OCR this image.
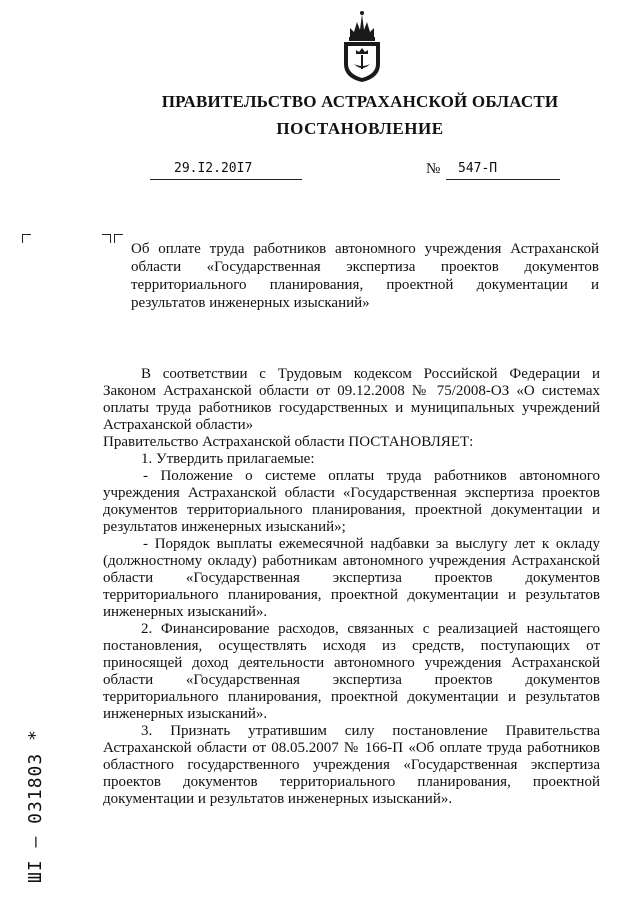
ПРАВИТЕЛЬСТВО АСТРАХАНСКОЙ ОБЛАСТИ
ПОСТАНОВЛЕНИЕ
29.I2.20I7	№	547-П
Об оплате труда работников автономного учреждения Астраханской области «Государственная экспертиза проектов документов территориального планирования, проектной документации и результатов инженерных изысканий»

В соответствии с Трудовым кодексом Российской Федерации и Законом Астраханской области от 09.12.2008 № 75/2008-ОЗ «О системах оплаты труда работников государственных и муниципальных учреждений Астраханской области»

Правительство Астраханской области ПОСТАНОВЛЯЕТ:

1. Утвердить прилагаемые:

- Положение о системе оплаты труда работников автономного учреждения Астраханской области «Государственная экспертиза проектов документов территориального планирования, проектной документации и результатов инженерных изысканий»;

- Порядок выплаты ежемесячной надбавки за выслугу лет к окладу (должностному окладу) работникам автономного учреждения Астраханской области «Государственная экспертиза проектов документов территориального планирования, проектной документации и результатов инженерных изысканий».

2. Финансирование расходов, связанных с реализацией настоящего постановления, осуществлять исходя из средств, поступающих от приносящей доход деятельности автономного учреждения Астраханской области «Государственная экспертиза проектов документов территориального планирования, проектной документации и результатов инженерных изысканий».

3. Признать утратившим силу постановление Правительства Астраханской области от 08.05.2007 № 166-П «Об оплате труда работников областного государственного учреждения «Государственная экспертиза проектов документов территориального планирования, проектной документации и результатов инженерных изысканий».

ШI – 031803 *
